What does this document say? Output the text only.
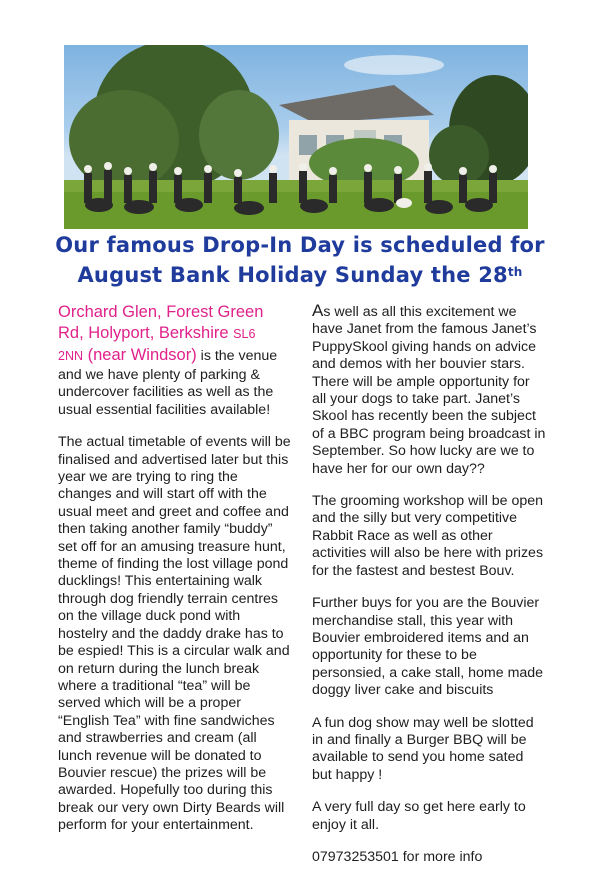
Our famous Drop-In Day is scheduled for
August Bank Holiday Sunday the 28th

Orchard Glen, Forest Green Rd, Holyport, Berkshire SL6
2NN (near Windsor) is the venue and we have plenty of parking & undercover facilities as well as the usual essential facilities available!

The actual timetable of events will be finalised and advertised later but this year we are trying to ring the changes and will start off with the usual meet and greet and coffee and then taking another family “buddy” set off for an amusing treasure hunt, theme of finding the lost village pond ducklings! This entertaining walk through dog friendly terrain centres on the village duck pond with hostelry and the daddy drake has to be espied! This is a circular walk and on return during the lunch break where a traditional “tea” will be served which will be a proper “English Tea” with fine sandwiches and strawberries and cream (all lunch revenue will be donated to Bouvier rescue) the prizes will be awarded. Hopefully too during this break our very own Dirty Beards will perform for your entertainment.

As well as all this excitement we have Janet from the famous Janet’s PuppySkool giving hands on advice and demos with her bouvier stars. There will be ample opportunity for all your dogs to take part. Janet’s Skool has recently been the subject of a BBC program being broadcast in September. So how lucky are we to have her for our own day??

The grooming workshop will be open and the silly but very competitive Rabbit Race as well as other activities will also be here with prizes for the fastest and bestest Bouv.

Further buys for you are the Bouvier merchandise stall, this year with Bouvier embroidered items and an opportunity for these to be personsied, a cake stall, home made doggy liver cake and biscuits

A fun dog show may well be slotted in and finally a Burger BBQ will be available to send you home sated but happy !

A very full day so get here early to enjoy it all.

07973253501 for more info
